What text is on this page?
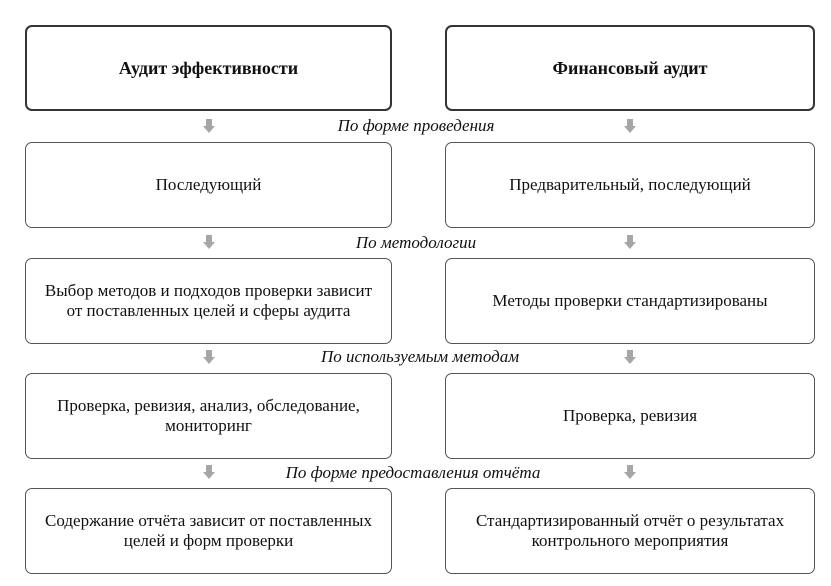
Аудит эффективности	Финансовый аудит
По форме проведения
Последующий	Предварительный, последующий
По методологии
Выбор методов и подходов проверки зависит от поставленных целей и сферы аудита
Методы проверки стандартизированы
По используемым методам
Проверка, ревизия, анализ, обследование, мониторинг
Проверка, ревизия
По форме предоставления отчёта
Содержание отчёта зависит от поставленных целей и форм проверки
Стандартизированный отчёт о результатах контрольного мероприятия
